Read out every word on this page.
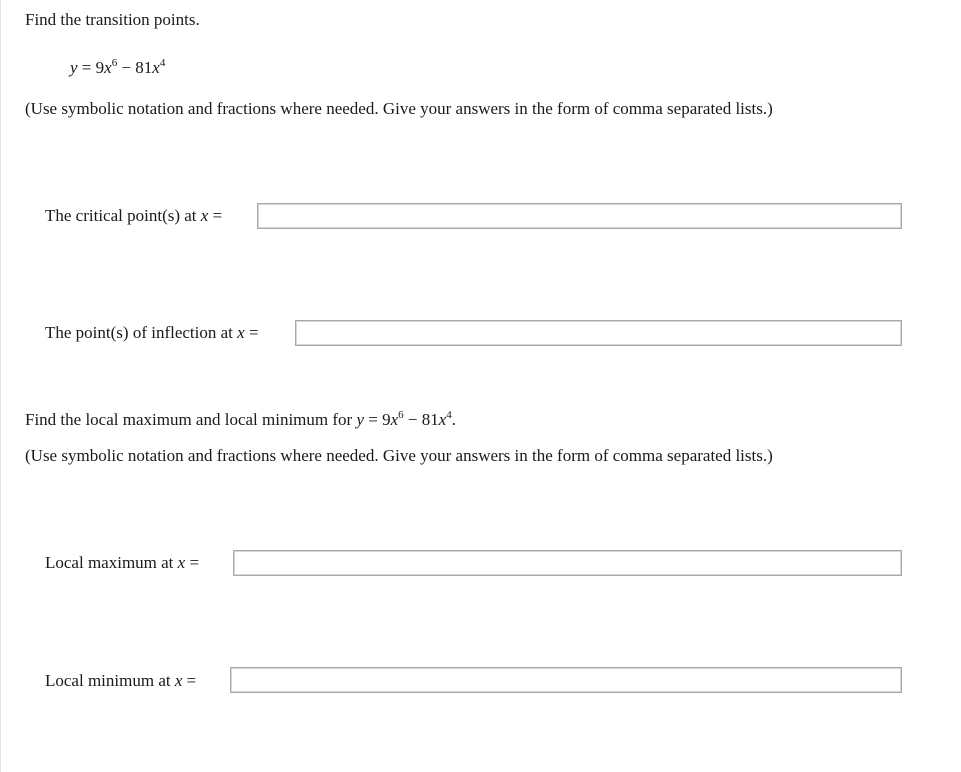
Find the transition points.
$y = 9x^6 - 81x^4$
(Use symbolic notation and fractions where needed. Give your answers in the form of comma separated lists.)
The critical point(s) at x =
The point(s) of inflection at x =
Find the local maximum and local minimum for $y = 9x^6 - 81x^4$.
(Use symbolic notation and fractions where needed. Give your answers in the form of comma separated lists.)
Local maximum at x =
Local minimum at x =
